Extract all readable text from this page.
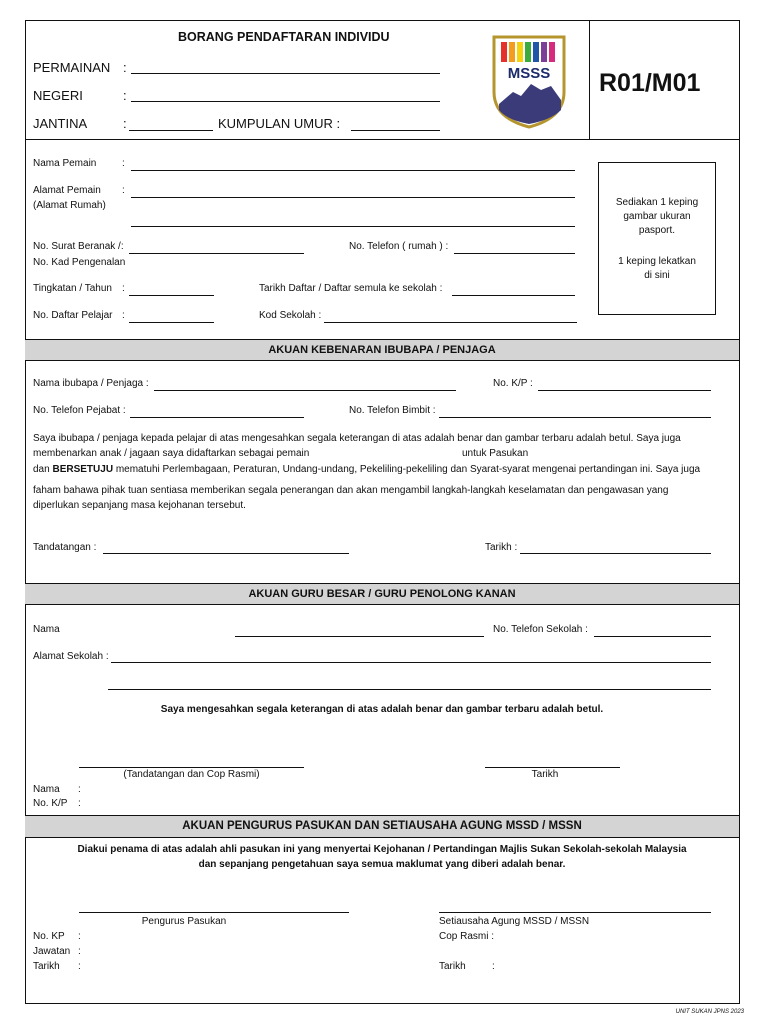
BORANG PENDAFTARAN INDIVIDU
PERMAINAN :
NEGERI	:
JANTINA	:	KUMPULAN UMUR :
MSSS	R01/M01
Nama Pemain	:
Alamat Pemain :
(Alamat Rumah)
No. Surat Beranak /:
No. Kad Pengenalan
No. Telefon ( rumah ) :
Tingkatan / Tahun :	Tarikh Daftar / Daftar semula ke sekolah :
No. Daftar Pelajar :	Kod Sekolah :
Sediakan 1 keping
gambar ukuran
pasport.
1 keping lekatkan
di sini
AKUAN KEBENARAN IBUBAPA / PENJAGA
Nama ibubapa / Penjaga :	No. K/P :
No. Telefon Pejabat :	No. Telefon Bimbit :
Saya ibubapa / penjaga kepada pelajar di atas mengesahkan segala keterangan di atas adalah benar dan gambar terbaru adalah betul. Saya juga
membenarkan anak / jagaan saya didaftarkan sebagai pemain	untuk Pasukan
dan BERSETUJU mematuhi Perlembagaan, Peraturan, Undang-undang, Pekeliling-pekeliling dan Syarat-syarat mengenai pertandingan ini. Saya juga
faham bahawa pihak tuan sentiasa memberikan segala penerangan dan akan mengambil langkah-langkah keselamatan dan pengawasan yang
diperlukan sepanjang masa kejohanan tersebut.
Tandatangan :	Tarikh :
AKUAN GURU BESAR / GURU PENOLONG KANAN
Nama	No. Telefon Sekolah :
Alamat Sekolah :
Saya mengesahkan segala keterangan di atas adalah benar dan gambar terbaru adalah betul.
(Tandatangan dan Cop Rasmi)	Tarikh
Nama :
No. K/P :
AKUAN PENGURUS PASUKAN DAN SETIAUSAHA AGUNG MSSD / MSSN
Diakui penama di atas adalah ahli pasukan ini yang menyertai Kejohanan / Pertandingan Majlis Sukan Sekolah-sekolah Malaysia
dan sepanjang pengetahuan saya semua maklumat yang diberi adalah benar.
Pengurus Pasukan	Setiausaha Agung MSSD / MSSN
No. KP :	Cop Rasmi :
Jawatan :
Tarikh :	Tarikh	:
UNIT SUKAN JPNS 2023
